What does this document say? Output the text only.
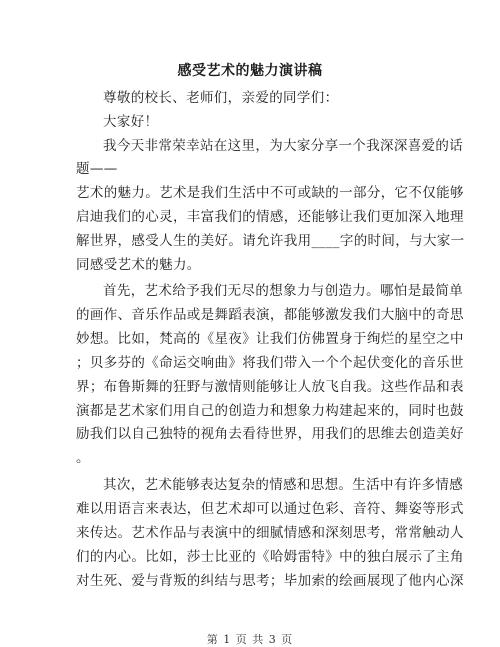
感受艺术的魅力演讲稿
尊敬的校长、老师们，亲爱的同学们：
大家好！
我今天非常荣幸站在这里，为大家分享一个我深深喜爱的话
题——
艺术的魅力。艺术是我们生活中不可或缺的一部分，它不仅能够
启迪我们的心灵，丰富我们的情感，还能够让我们更加深入地理
解世界，感受人生的美好。请允许我用____字的时间，与大家一
同感受艺术的魅力。
首先，艺术给予我们无尽的想象力与创造力。哪怕是最简单
的画作、音乐作品或是舞蹈表演，都能够激发我们大脑中的奇思
妙想。比如，梵高的《星夜》让我们仿佛置身于绚烂的星空之中
；贝多芬的《命运交响曲》将我们带入一个个起伏变化的音乐世
界；布鲁斯舞的狂野与激情则能够让人放飞自我。这些作品和表
演都是艺术家们用自己的创造力和想象力构建起来的，同时也鼓
励我们以自己独特的视角去看待世界，用我们的思维去创造美好
。
其次，艺术能够表达复杂的情感和思想。生活中有许多情感
难以用语言来表达，但艺术却可以通过色彩、音符、舞姿等形式
来传达。艺术作品与表演中的细腻情感和深刻思考，常常触动人
们的内心。比如，莎士比亚的《哈姆雷特》中的独白展示了主角
对生死、爱与背叛的纠结与思考；毕加索的绘画展现了他内心深
第 1 页 共 3 页
